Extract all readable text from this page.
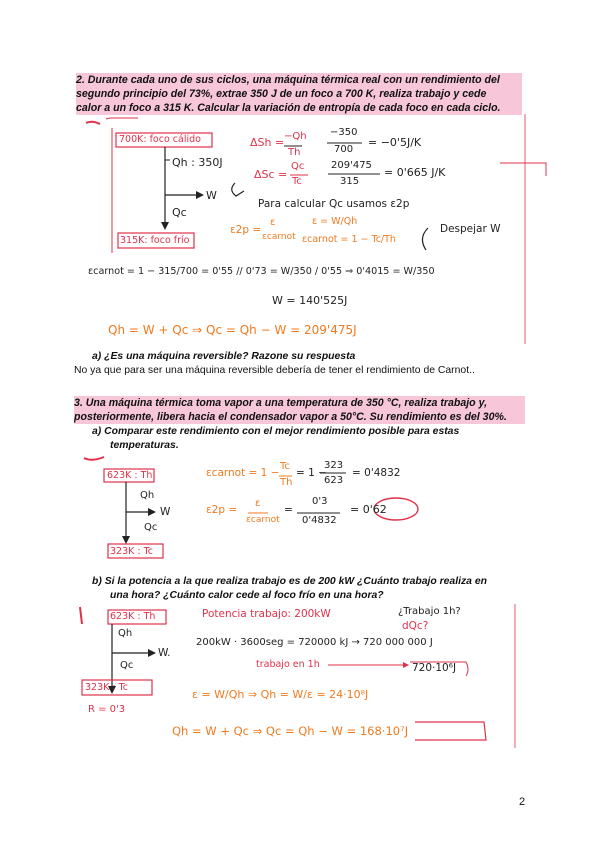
2. Durante cada uno de sus ciclos, una máquina térmica real con un rendimiento del
segundo principio del 73%, extrae 350 J de un foco a 700 K, realiza trabajo y cede
calor a un foco a 315 K. Calcular la variación de entropía de cada foco en cada ciclo.
700K: foco cálido
Qh : 350J
W
Qc
315K: foco frío
ΔSh = −Qh
Th
−350
700
= −0'5J/K
ΔSc =
Qc
Tc
209'475
315
= 0'665 J/K
Para calcular Qc usamos ε2p
ε2p =
ε
εcarnot
ε = W/Qh
εcarnot = 1 − Tc/Th
Despejar W
εcarnot = 1 − 315/700 = 0'55 // 0'73 = W/350 / 0'55 ⇒ 0'4015 = W/350
W = 140'525J
Qh = W + Qc ⇒ Qc = Qh − W = 209'475J
a) ¿Es una máquina reversible? Razone su respuesta
No ya que para ser una máquina reversible debería de tener el rendimiento de Carnot..
3. Una máquina térmica toma vapor a una temperatura de 350 °C, realiza trabajo y,
posteriormente, libera hacia el condensador vapor a 50°C. Su rendimiento es del 30%.
a) Comparar este rendimiento con el mejor rendimiento posible para estas
temperaturas.
623K : Th
Qh
W
Qc
323K : Tc
εcarnot = 1 −
Tc
Th
= 1 −
323
623
= 0'4832
ε2p =
ε
εcarnot
=
0'3
0'4832
= 0'62
b) Si la potencia a la que realiza trabajo es de 200 kW ¿Cuánto trabajo realiza en
una hora? ¿Cuánto calor cede al foco frío en una hora?
623K : Th
Qh
W.
Qc
323K : Tc
R = 0'3
Potencia trabajo: 200kW	¿Trabajo 1h?
dQc?
200kW · 3600seg = 720000 kJ → 720 000 000 J
trabajo en 1h	720·10⁶J
ε = W/Qh ⇒ Qh = W/ε = 24·10⁸J
Qh = W + Qc ⇒ Qc = Qh − W = 168·10⁷J
2
